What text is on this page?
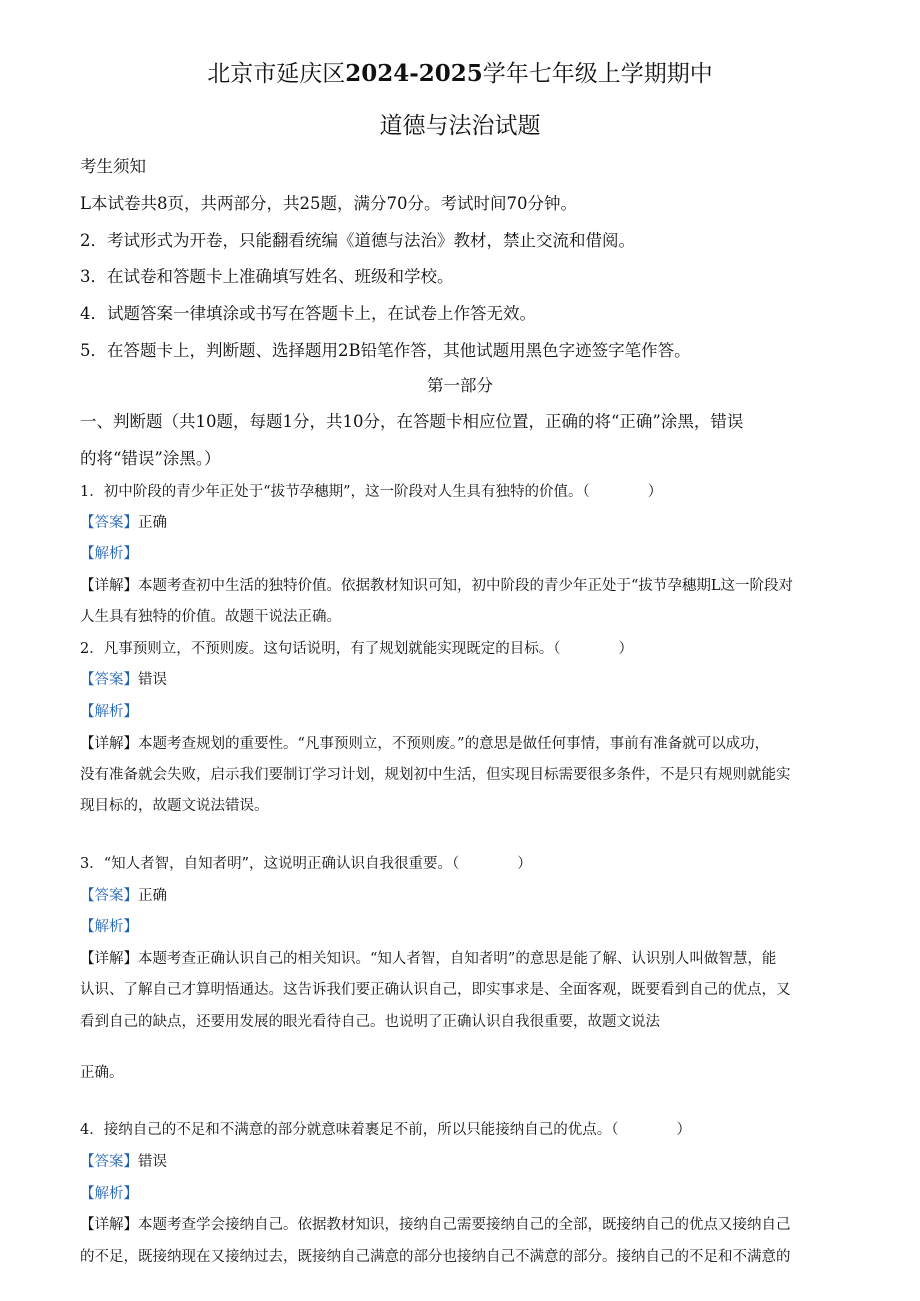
北京市延庆区2024-2025学年七年级上学期期中
道德与法治试题
考生须知
L本试卷共8页，共两部分，共25题，满分70分。考试时间70分钟。
2．考试形式为开卷，只能翻看统编《道德与法治》教材，禁止交流和借阅。
3．在试卷和答题卡上准确填写姓名、班级和学校。
4．试题答案一律填涂或书写在答题卡上，在试卷上作答无效。
5．在答题卡上，判断题、选择题用2B铅笔作答，其他试题用黑色字迹签字笔作答。
第一部分
一、判断题（共10题，每题1分，共10分，在答题卡相应位置，正确的将“正确”涂黑，错误
的将“错误”涂黑。）
1．初中阶段的青少年正处于“拔节孕穗期”，这一阶段对人生具有独特的价值。（　　　　）
【答案】正确
【解析】
【详解】本题考查初中生活的独特价值。依据教材知识可知，初中阶段的青少年正处于“拔节孕穗期L这一阶段对
人生具有独特的价值。故题干说法正确。
2．凡事预则立，不预则废。这句话说明，有了规划就能实现既定的目标。（　　　　）
【答案】错误
【解析】
【详解】本题考查规划的重要性。“凡事预则立，不预则废。”的意思是做任何事情，事前有准备就可以成功，
没有准备就会失败，启示我们要制订学习计划，规划初中生活，但实现目标需要很多条件，不是只有规则就能实
现目标的，故题文说法错误。
3．“知人者智，自知者明”，这说明正确认识自我很重要。（　　　　）
【答案】正确
【解析】
【详解】本题考查正确认识自己的相关知识。“知人者智，自知者明”的意思是能了解、认识别人叫做智慧，能
认识、了解自己才算明悟通达。这告诉我们要正确认识自己，即实事求是、全面客观，既要看到自己的优点，又
看到自己的缺点，还要用发展的眼光看待自己。也说明了正确认识自我很重要，故题文说法
正确。
4．接纳自己的不足和不满意的部分就意味着裹足不前，所以只能接纳自己的优点。（　　　　）
【答案】错误
【解析】
【详解】本题考查学会接纳自己。依据教材知识，接纳自己需要接纳自己的全部，既接纳自己的优点又接纳自己
的不足，既接纳现在又接纳过去，既接纳自己满意的部分也接纳自己不满意的部分。接纳自己的不足和不满意的
